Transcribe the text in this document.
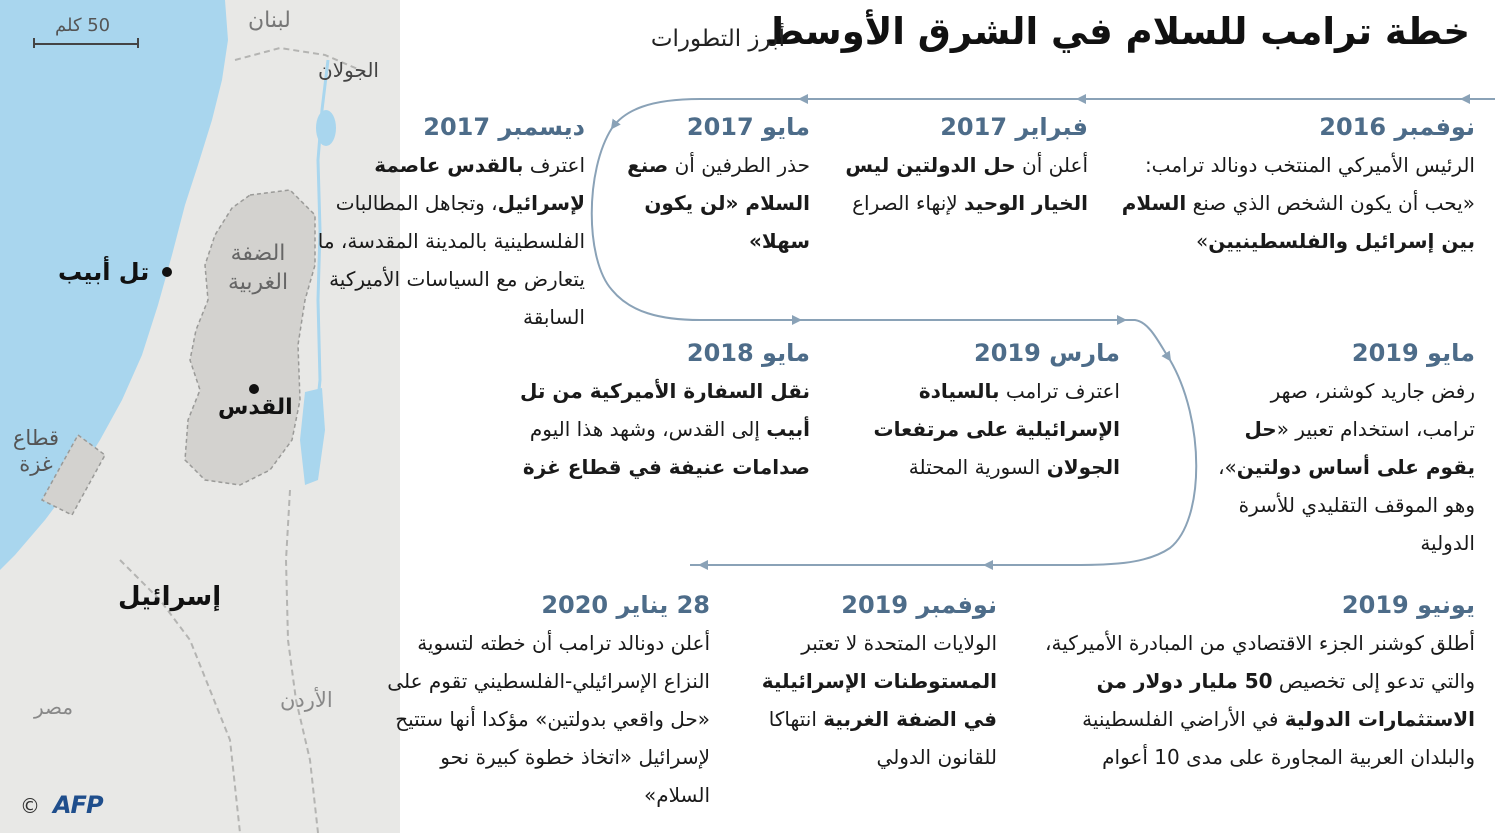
50 كلم	لبنان
الجولان
الضفة الغربية
تل أبيب
القدس
قطاع غزة
إسرائيل
الأردن
مصر
خطة ترامب للسلام في الشرق الأوسط
أبرز التطورات
نوفمبر 2016
الرئيس الأميركي المنتخب دونالد ترامب: «يحب أن يكون الشخص الذي صنع السلام بين إسرائيل والفلسطينيين»
فبراير 2017
أعلن أن حل الدولتين ليس الخيار الوحيد لإنهاء الصراع
مايو 2017
حذر الطرفين أن صنع السلام «لن يكون سهلا»
ديسمبر 2017
اعترف بالقدس عاصمة لإسرائيل، وتجاهل المطالبات الفلسطينية بالمدينة المقدسة، ما يتعارض مع السياسات الأميركية السابقة
مايو 2018
نقل السفارة الأميركية من تل أبيب إلى القدس، وشهد هذا اليوم صدامات عنيفة في قطاع غزة
مارس 2019
اعترف ترامب بالسيادة الإسرائيلية على مرتفعات الجولان السورية المحتلة
مايو 2019
رفض جاريد كوشنر، صهر ترامب، استخدام تعبير «حل يقوم على أساس دولتين»، وهو الموقف التقليدي للأسرة الدولية
يونيو 2019
أطلق كوشنر الجزء الاقتصادي من المبادرة الأميركية، والتي تدعو إلى تخصيص 50 مليار دولار من الاستثمارات الدولية في الأراضي الفلسطينية والبلدان العربية المجاورة على مدى 10 أعوام
نوفمبر 2019
الولايات المتحدة لا تعتبر المستوطنات الإسرائيلية في الضفة الغربية انتهاكا للقانون الدولي
28 يناير 2020
أعلن دونالد ترامب أن خطته لتسوية النزاع الإسرائيلي-الفلسطيني تقوم على «حل واقعي بدولتين» مؤكدا أنها ستتيح لإسرائيل «اتخاذ خطوة كبيرة نحو السلام»
© AFP
